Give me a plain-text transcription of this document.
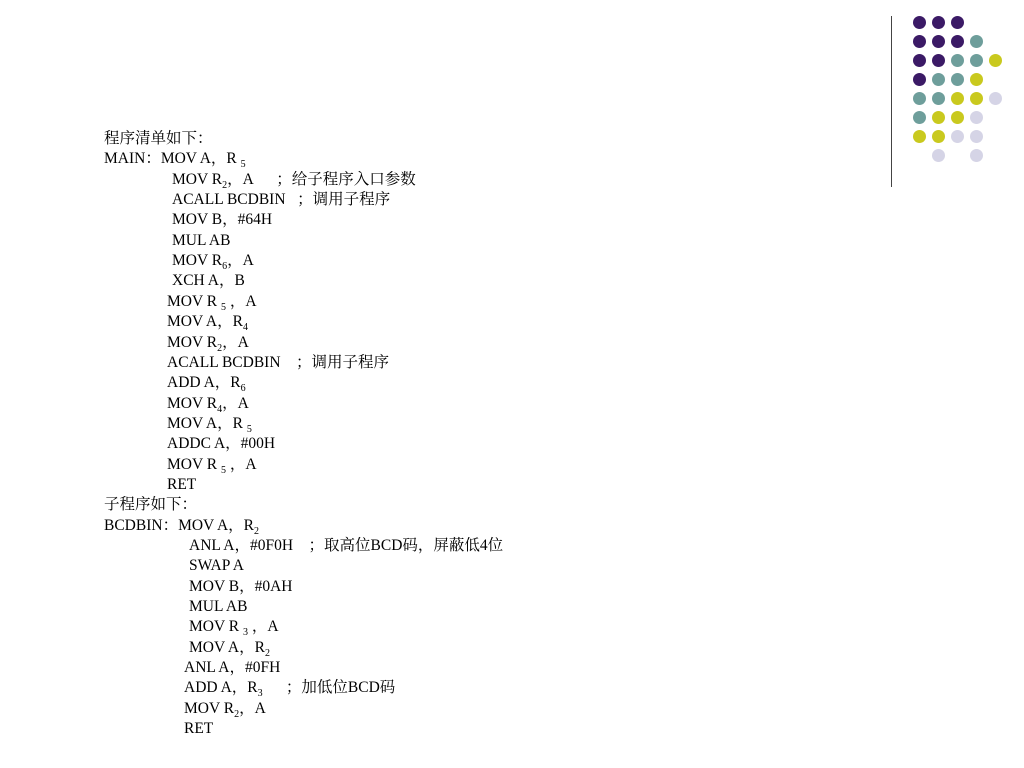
程序清单如下：
MAIN：MOV A，R $_5$
MOV $R_2$，A      ；给子程序入口参数
ACALL BCDBIN   ；调用子程序
MOV B，#64H
MUL AB
MOV $R_6$，A
XCH A，B
MOV R $_5$ ，A
MOV A，$R_4$
MOV $R_2$，A
ACALL BCDBIN    ；调用子程序
ADD A，$R_6$
MOV $R_4$，A
MOV A，R $_5$
ADDC A，#00H
MOV R $_5$ ，A
RET
子程序如下：
BCDBIN：MOV A，$R_2$
ANL A，#0F0H    ；取高位BCD码，屏蔽低4位
SWAP A
MOV B，#0AH
MUL AB
MOV R $_3$ ，A
MOV A，$R_2$
ANL A，#0FH
ADD A，$R_3$      ；加低位BCD码
MOV $R_2$，A
RET
